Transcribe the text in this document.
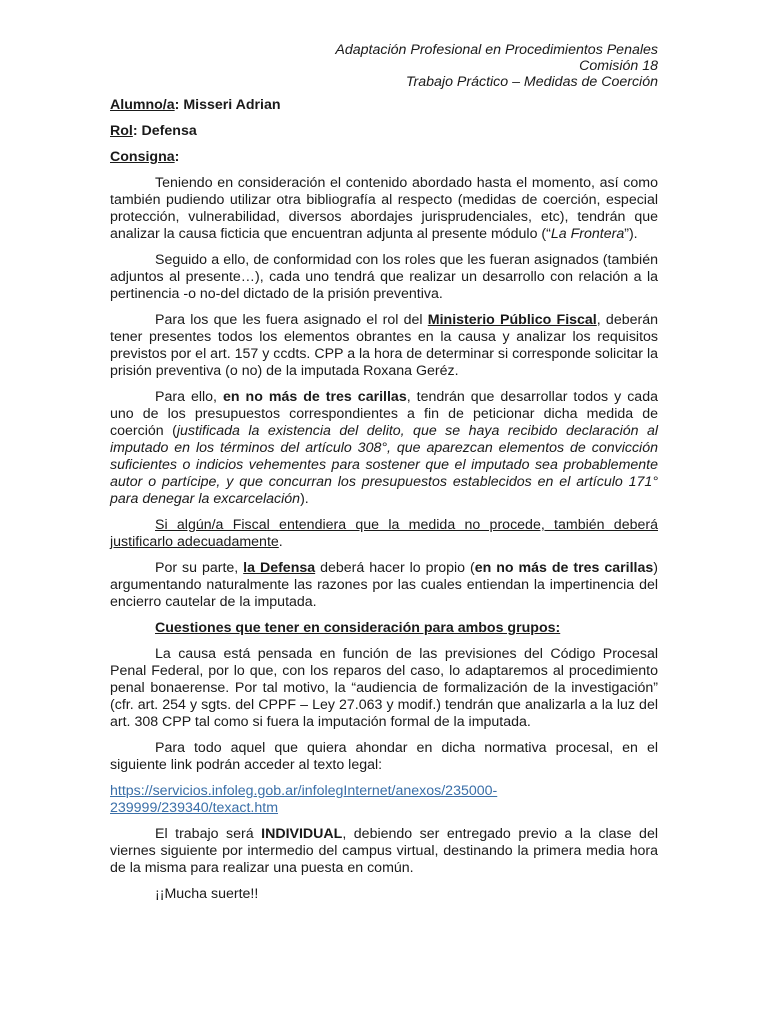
Adaptación Profesional en Procedimientos Penales
Comisión 18
Trabajo Práctico – Medidas de Coerción
Alumno/a: Misseri Adrian
Rol: Defensa
Consigna:

Teniendo en consideración el contenido abordado hasta el momento, así como también pudiendo utilizar otra bibliografía al respecto (medidas de coerción, especial protección, vulnerabilidad, diversos abordajes jurisprudenciales, etc), tendrán que analizar la causa ficticia que encuentran adjunta al presente módulo (“La Frontera”).

Seguido a ello, de conformidad con los roles que les fueran asignados (también adjuntos al presente…), cada uno tendrá que realizar un desarrollo con relación a la pertinencia -o no-del dictado de la prisión preventiva.

Para los que les fuera asignado el rol del Ministerio Público Fiscal, deberán tener presentes todos los elementos obrantes en la causa y analizar los requisitos previstos por el art. 157 y ccdts. CPP a la hora de determinar si corresponde solicitar la prisión preventiva (o no) de la imputada Roxana Geréz.

Para ello, en no más de tres carillas, tendrán que desarrollar todos y cada uno de los presupuestos correspondientes a fin de peticionar dicha medida de coerción (justificada la existencia del delito, que se haya recibido declaración al imputado en los términos del artículo 308°, que aparezcan elementos de convicción suficientes o indicios vehementes para sostener que el imputado sea probablemente autor o partícipe, y que concurran los presupuestos establecidos en el artículo 171° para denegar la excarcelación).

Si algún/a Fiscal entendiera que la medida no procede, también deberá justificarlo adecuadamente.

Por su parte, la Defensa deberá hacer lo propio (en no más de tres carillas) argumentando naturalmente las razones por las cuales entiendan la impertinencia del encierro cautelar de la imputada.

Cuestiones que tener en consideración para ambos grupos:

La causa está pensada en función de las previsiones del Código Procesal Penal Federal, por lo que, con los reparos del caso, lo adaptaremos al procedimiento penal bonaerense. Por tal motivo, la “audiencia de formalización de la investigación” (cfr. art. 254 y sgts. del CPPF – Ley 27.063 y modif.) tendrán que analizarla a la luz del art. 308 CPP tal como si fuera la imputación formal de la imputada.

Para todo aquel que quiera ahondar en dicha normativa procesal, en el siguiente link podrán acceder al texto legal:

https://servicios.infoleg.gob.ar/infolegInternet/anexos/235000-
239999/239340/texact.htm

El trabajo será INDIVIDUAL, debiendo ser entregado previo a la clase del viernes siguiente por intermedio del campus virtual, destinando la primera media hora de la misma para realizar una puesta en común.

¡¡Mucha suerte!!
